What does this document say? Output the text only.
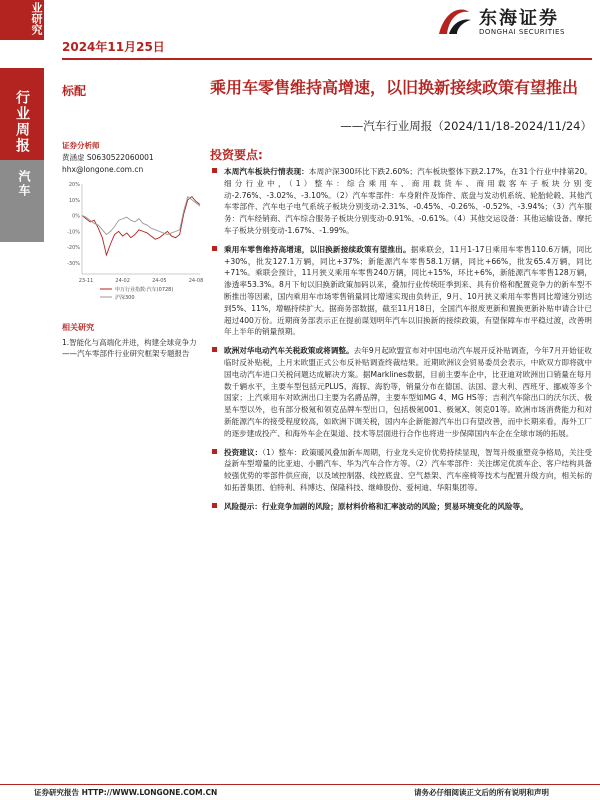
业研究
2024年11月25日
东海证券
DONGHAI SECURITIES
行业周报
汽车
标配	乘用车零售维持高增速，以旧换新接续政策有望推出
——汽车行业周报（2024/11/18-2024/11/24）
证券分析师
黄涵虚 S0630522060001
hhx@longone.com.cn
投资要点:
20%
10%
0%
-10%
-20%
-30%
23-11	24-02	24-05	24-08
申万行业指数:汽车(0728)
沪深300
相关研究
1.智能化与高端化并进，构建全球竞争力——汽车零部件行业研究框架专题报告
本周汽车板块行情表现：本周沪深300环比下跌2.60%；汽车板块整体下跌2.17%，在31个行业中排第20。细分行业中，（1）整车：综合乘用车、商用载货车、商用载客车子板块分别变动-2.76%、-3.02%、-3.10%。（2）汽车零部件：车身附件及饰件、底盘与发动机系统、轮胎轮毂、其他汽车零部件、汽车电子电气系统子板块分别变动-2.31%、-0.45%、-0.26%、-0.52%、-3.94%；（3）汽车服务：汽车经销商、汽车综合服务子板块分别变动-0.91%、-0.61%。（4）其他交运设备：其他运输设备、摩托车子板块分别变动-1.67%、-1.99%。
乘用车零售维持高增速，以旧换新接续政策有望推出。据乘联会，11月1-17日乘用车零售110.6万辆，同比+30%，批发127.1万辆，同比+37%；新能源汽车零售58.1万辆，同比+66%，批发65.4万辆，同比+71%。乘联会预计，11月狭义乘用车零售240万辆，同比+15%，环比+6%，新能源汽车零售128万辆，渗透率53.3%。8月下旬以旧换新政策加码以来，叠加行业传统旺季到来、具有价格和配置竞争力的新车型不断推出等因素，国内乘用车市场零售销量同比增速实现由负转正，9月、10月狭义乘用车零售同比增速分别达到5%、11%，增幅持续扩大。据商务部数据，截至11月18日，全国汽车报废更新和置换更新补贴申请合计已超过400万份。近期商务部表示正在提前谋划明年汽车以旧换新的接续政策，有望保障车市平稳过渡，改善明年上半年的销量预期。
欧洲对华电动汽车关税政策或将调整。去年9月起欧盟宣布对中国电动汽车展开反补贴调查，今年7月开始征收临时反补贴税，上月末欧盟正式公布反补贴调查终裁结果。近期欧洲议会贸易委员会表示，中欧双方即将就中国电动汽车进口关税问题达成解决方案。据Marklines数据，目前主要车企中，比亚迪对欧洲出口销量在每月数千辆水平，主要车型包括元PLUS、海豚、海豹等，销量分布在德国、法国、意大利、西班牙、挪威等多个国家；上汽乘用车对欧洲出口主要为名爵品牌，主要车型如MG 4、MG HS等；吉利汽车除出口的沃尔沃、极星车型以外，也有部分极氪和领克品牌车型出口，包括极氪001、极氪X、领克01等。欧洲市场消费能力和对新能源汽车的接受程度较高，如欧洲下调关税，国内车企新能源汽车出口有望改善，而中长期来看，海外工厂的逐步建成投产、和海外车企在渠道、技术等层面进行合作也将进一步保障国内车企在全球市场的拓展。
投资建议：（1）整车：政策暖风叠加新车周期，行业龙头定价优势持续显现，智驾升级重塑竞争格局，关注受益新车型增量的比亚迪、小鹏汽车、华为汽车合作方等。（2）汽车零部件：关注绑定优质车企、客户结构具备较强优势的零部件供应商，以及域控制器、线控底盘、空气悬架、汽车座椅等技术与配置升级方向，相关标的如拓普集团、伯特利、科博达、保隆科技、继峰股份、爱柯迪、华阳集团等。
风险提示：行业竞争加剧的风险；原材料价格和汇率波动的风险；贸易环境变化的风险等。
证券研究报告 HTTP://WWW.LONGONE.COM.CN	请务必仔细阅读正文后的所有说明和声明
